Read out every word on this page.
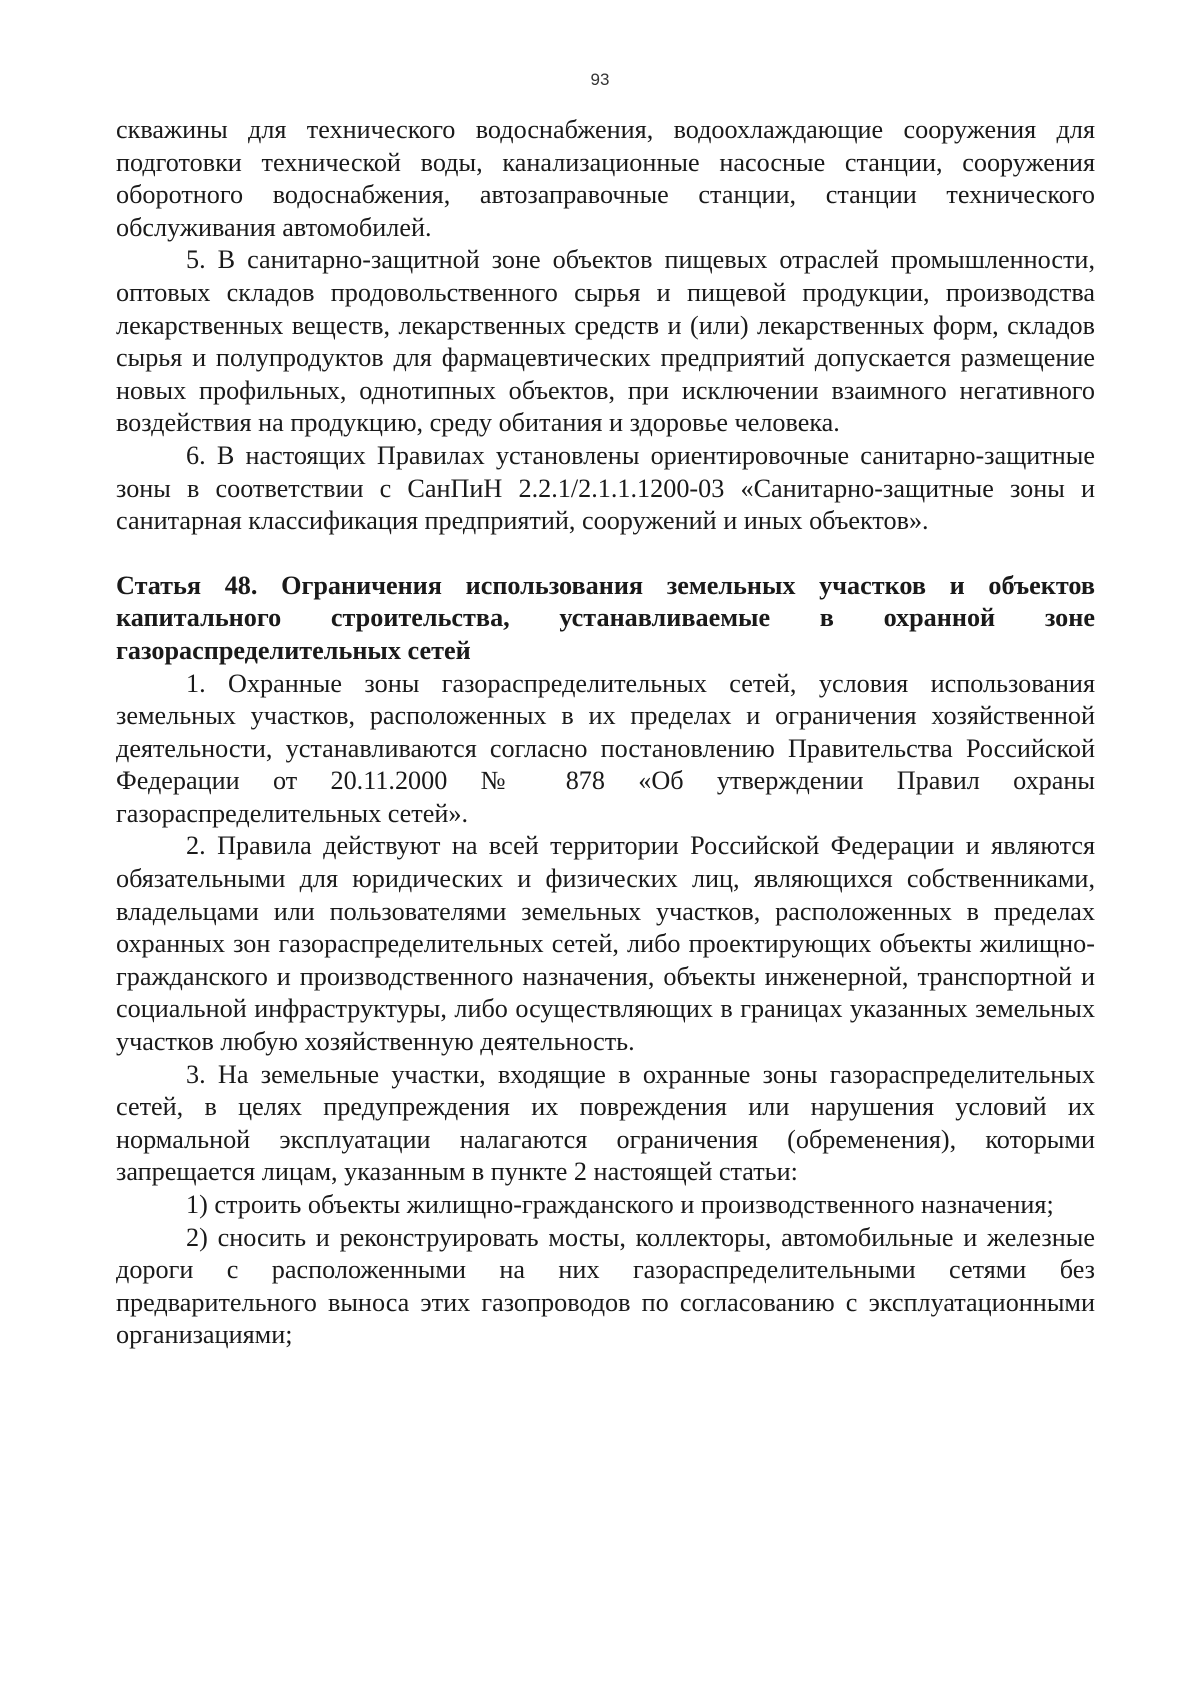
93

скважины для технического водоснабжения, водоохлаждающие сооружения для подготовки технической воды, канализационные насосные станции, сооружения оборотного водоснабжения, автозаправочные станции, станции технического обслуживания автомобилей.

5. В санитарно-защитной зоне объектов пищевых отраслей промышленности, оптовых складов продовольственного сырья и пищевой продукции, производства лекарственных веществ, лекарственных средств и (или) лекарственных форм, складов сырья и полупродуктов для фармацевтических предприятий допускается размещение новых профильных, однотипных объектов, при исключении взаимного негативного воздействия на продукцию, среду обитания и здоровье человека.

6. В настоящих Правилах установлены ориентировочные санитарно-защитные зоны в соответствии с СанПиН 2.2.1/2.1.1.1200-03 «Санитарно-защитные зоны и санитарная классификация предприятий, сооружений и иных объектов».

Статья 48. Ограничения использования земельных участков и объектов капитального строительства, устанавливаемые в охранной зоне газораспределительных сетей

1. Охранные зоны газораспределительных сетей, условия использования земельных участков, расположенных в их пределах и ограничения хозяйственной деятельности, устанавливаются согласно постановлению Правительства Российской Федерации от 20.11.2000 № 878 «Об утверждении Правил охраны газораспределительных сетей».

2. Правила действуют на всей территории Российской Федерации и являются обязательными для юридических и физических лиц, являющихся собственниками, владельцами или пользователями земельных участков, расположенных в пределах охранных зон газораспределительных сетей, либо проектирующих объекты жилищно-гражданского и производственного назначения, объекты инженерной, транспортной и социальной инфраструктуры, либо осуществляющих в границах указанных земельных участков любую хозяйственную деятельность.

3. На земельные участки, входящие в охранные зоны газораспределительных сетей, в целях предупреждения их повреждения или нарушения условий их нормальной эксплуатации налагаются ограничения (обременения), которыми запрещается лицам, указанным в пункте 2 настоящей статьи:

1) строить объекты жилищно-гражданского и производственного назначения;

2) сносить и реконструировать мосты, коллекторы, автомобильные и железные дороги с расположенными на них газораспределительными сетями без предварительного выноса этих газопроводов по согласованию с эксплуатационными организациями;
